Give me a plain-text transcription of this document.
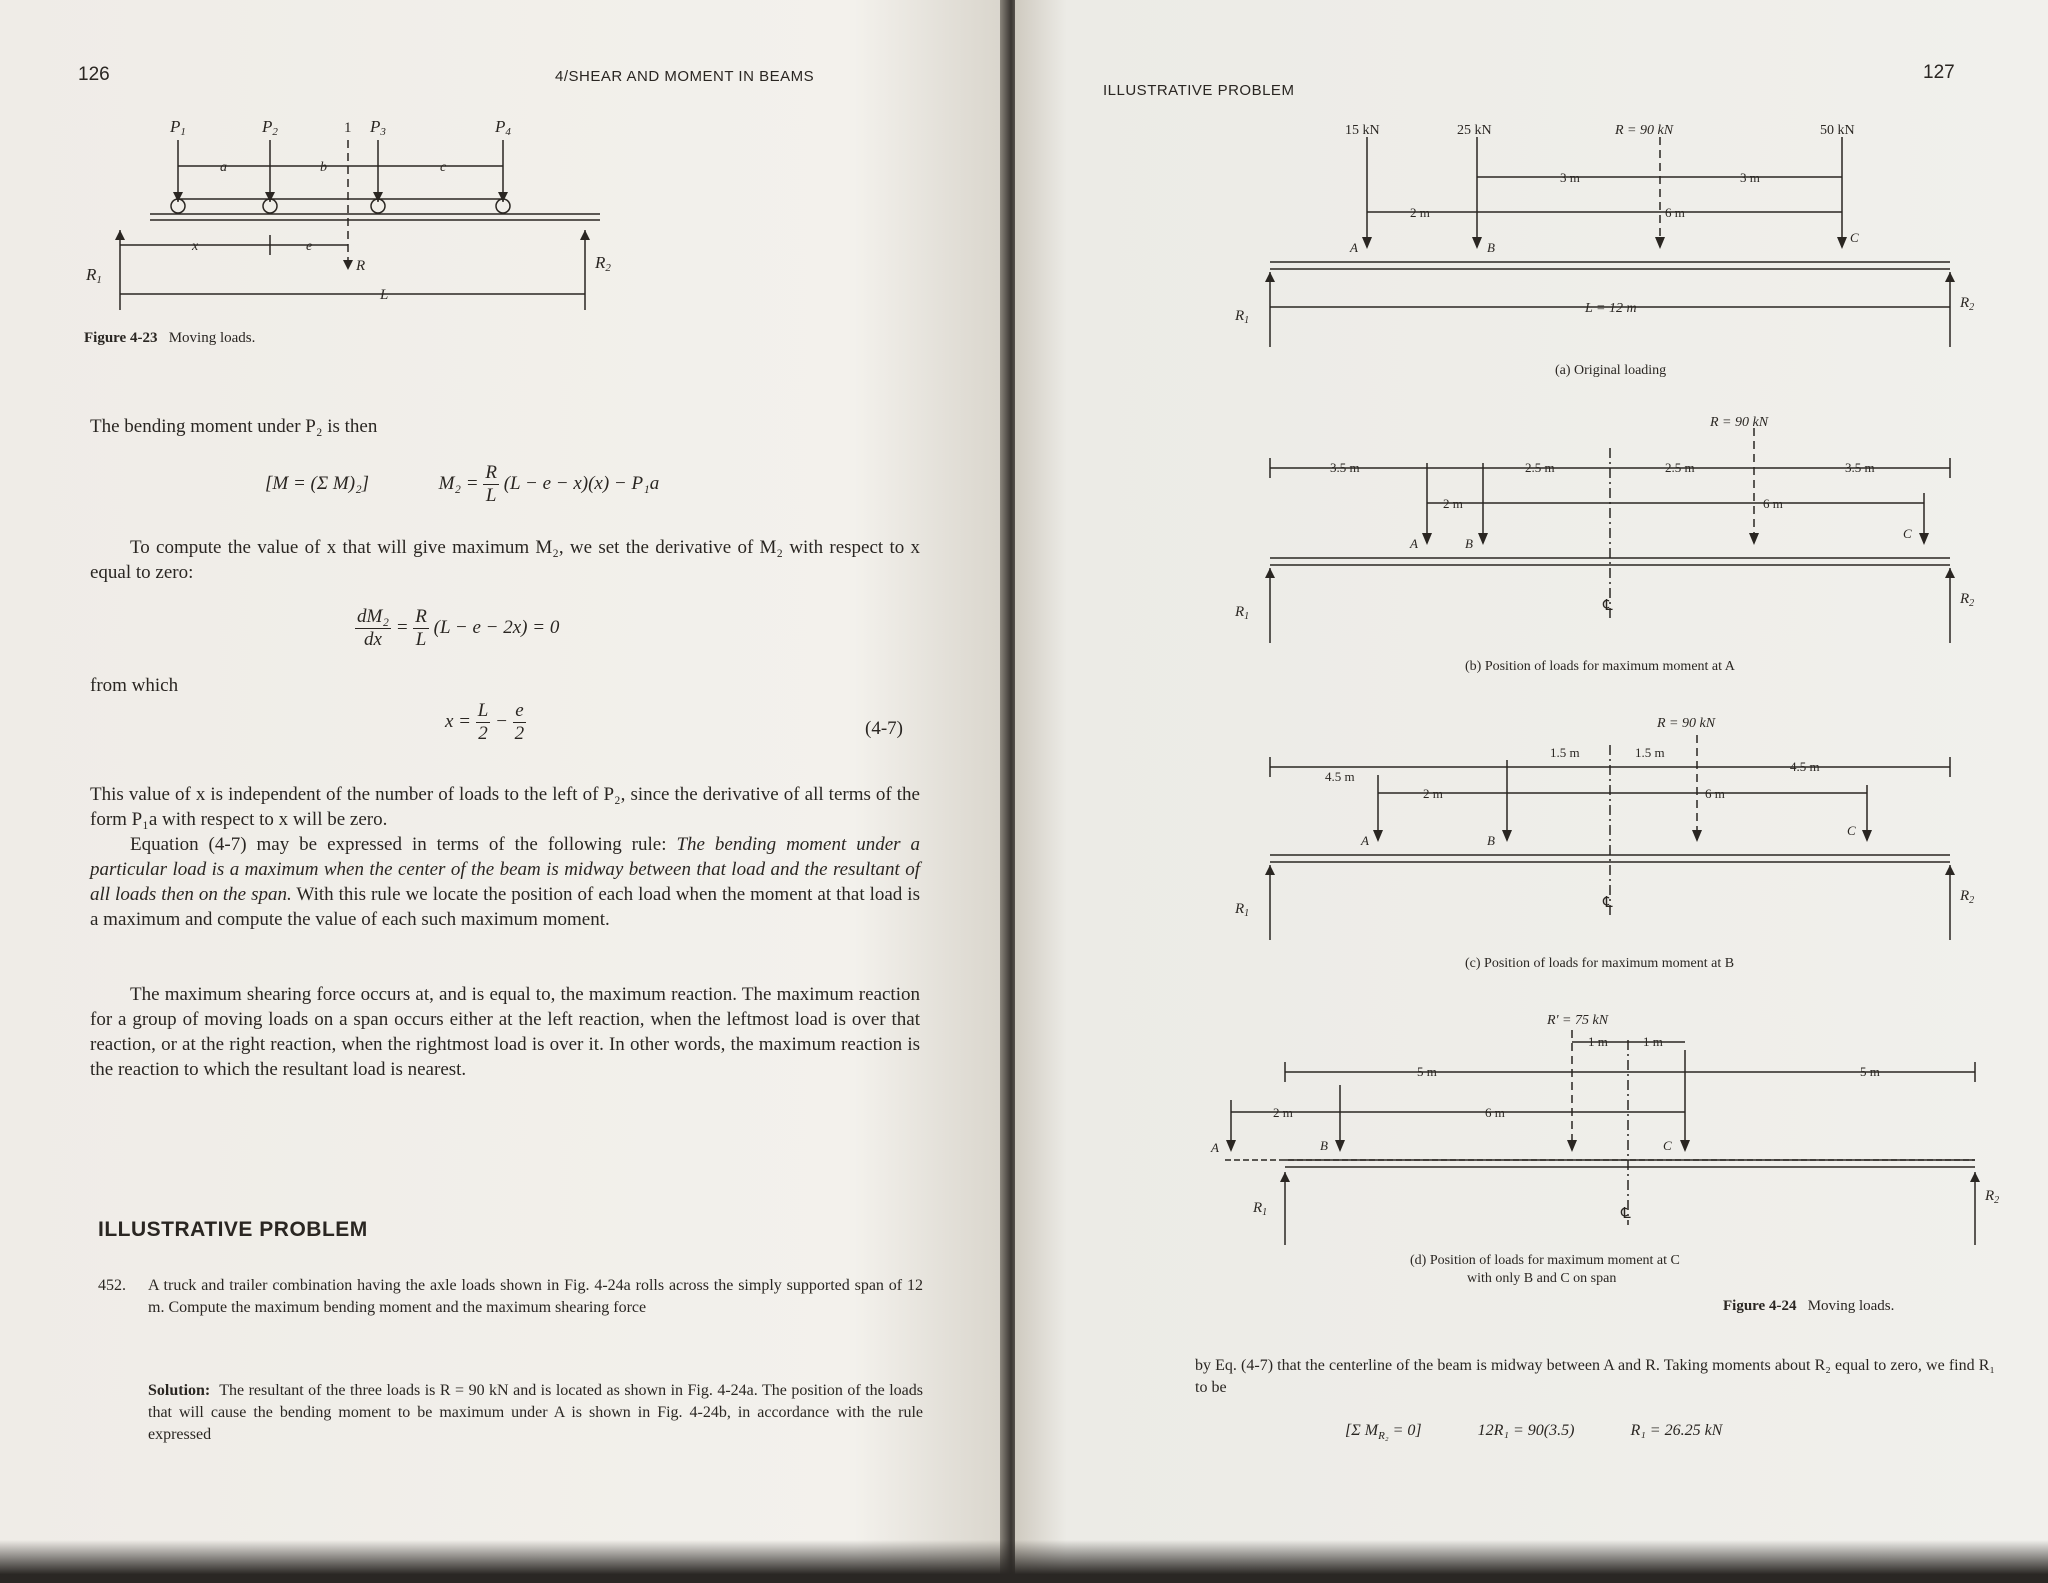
126	4/SHEAR AND MOMENT IN BEAMS
P1	P2	1 P3	P4
a	b	c
x	e
R
L
R1
R2
Figure 4-23 Moving loads.
The bending moment under P₂ is then
[M = (Σ M)₂]	$M_2 = \frac{R}{L} (L - e - x)(x) - P_1a$
To compute the value of x that will give maximum M₂, we set the derivative of M₂ with respect to x equal to zero:
$\frac{\text{dM₂}}{dx} = \frac{R}{L} (L - e - 2x) = 0$
from which
$x = \frac{L}{2} - \frac{e}{2}$	(4-7)
This value of x is independent of the number of loads to the left of P₂, since the derivative of all terms of the form P₁a with respect to x will be zero.
Equation (4-7) may be expressed in terms of the following rule: The bending moment under a particular load is a maximum when the center of the beam is midway between that load and the resultant of all loads then on the span. With this rule we locate the position of each load when the moment at that load is a maximum and compute the value of each such maximum moment.
The maximum shearing force occurs at, and is equal to, the maximum reaction. The maximum reaction for a group of moving loads on a span occurs either at the left reaction, when the leftmost load is over that reaction, or at the right reaction, when the rightmost load is over it. In other words, the maximum reaction is the reaction to which the resultant load is nearest.
ILLUSTRATIVE PROBLEM
452. A truck and trailer combination having the axle loads shown in Fig. 4-24a rolls across the simply supported span of 12 m. Compute the maximum bending moment and the maximum shearing force
Solution: The resultant of the three loads is R = 90 kN and is located as shown in Fig. 4-24a. The position of the loads that will cause the bending moment to be maximum under A is shown in Fig. 4-24b, in accordance with the rule expressed
ILLUSTRATIVE PROBLEM
127
15 kN	25 kN	R = 90 kN	50 kN
3 m	3 m
2 m	6 m
A	B
C
L = 12 m
$R_1$
$R_2$
(a) Original loading
R = 90 kN
3.5 m	2.5 m	2.5 m	3.5 m
2 m	6 m
A	B
C
℄
$R_1$
$R_2$
(b) Position of loads for maximum moment at A
R = 90 kN
4.5 m
1.5 m	1.5 m
4.5 m
2 m	6 m
A	B
C
℄
$R_1$
$R_2$
(c) Position of loads for maximum moment at B
R' = 75 kN
1 m	1 m
5 m	5 m
2 m	6 m
A	B	C
℄
$R_1$
$R_2$
(d) Position of loads for maximum moment at C
with only B and C on span
Figure 4-24 Moving loads.
by Eq. (4-7) that the centerline of the beam is midway between A and R. Taking moments about R₂ equal to zero, we find R₁ to be
[Σ $M_{R_2} = 0$]	12R₁ = 90(3.5)	R₁ = 26.25 kN
